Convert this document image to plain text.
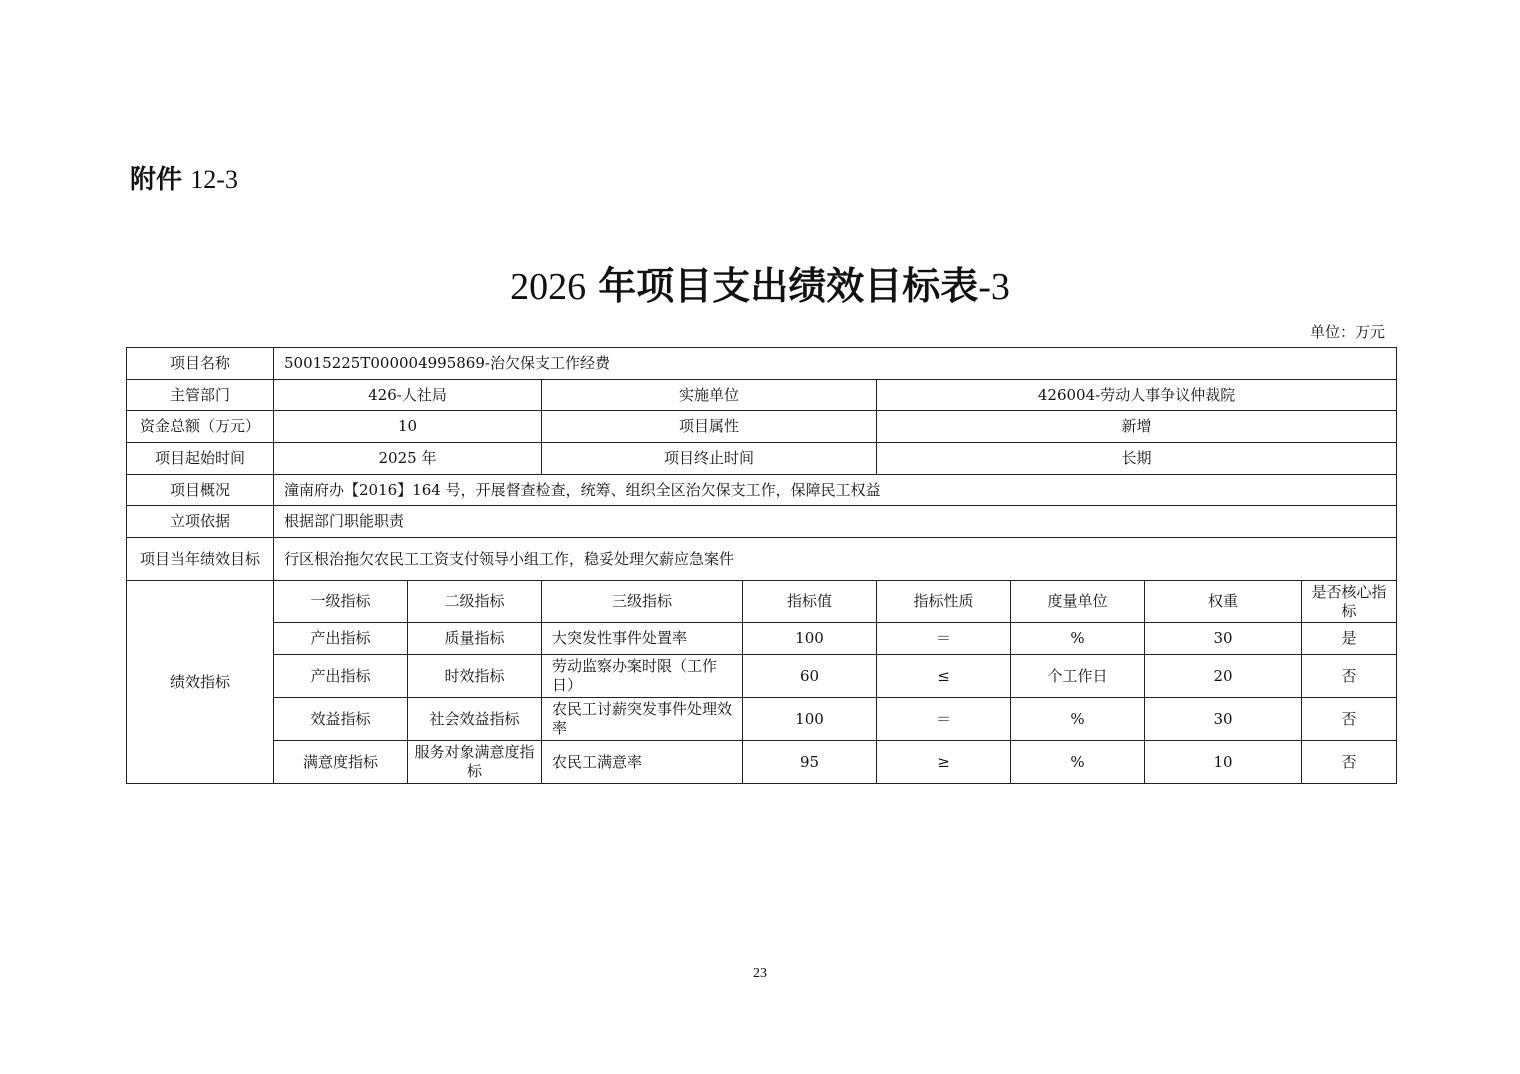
附件 12-3
2026 年项目支出绩效目标表-3
单位：万元
项目名称	50015225T000004995869-治欠保支工作经费							
主管部门	426-人社局		实施单位		426004-劳动人事争议仲裁院			
资金总额（万元）	10		项目属性		新增			
项目起始时间	2025 年		项目终止时间		长期			
项目概况	潼南府办【2016】164 号，开展督查检查，统筹、组织全区治欠保支工作，保障民工权益							
立项依据	根据部门职能职责							
项目当年绩效目标	行区根治拖欠农民工工资支付领导小组工作，稳妥处理欠薪应急案件							
绩效指标	一级指标	二级指标	三级指标	指标值	指标性质	度量单位	权重	是否核心指标
	产出指标	质量指标	大突发性事件处置率	100	＝	%	30	是
	产出指标	时效指标	劳动监察办案时限（工作日）	60	≤	个工作日	20	否
	效益指标	社会效益指标	农民工讨薪突发事件处理效率	100	＝	%	30	否
	满意度指标	服务对象满意度指标	农民工满意率	95	≥	%	10	否
23
